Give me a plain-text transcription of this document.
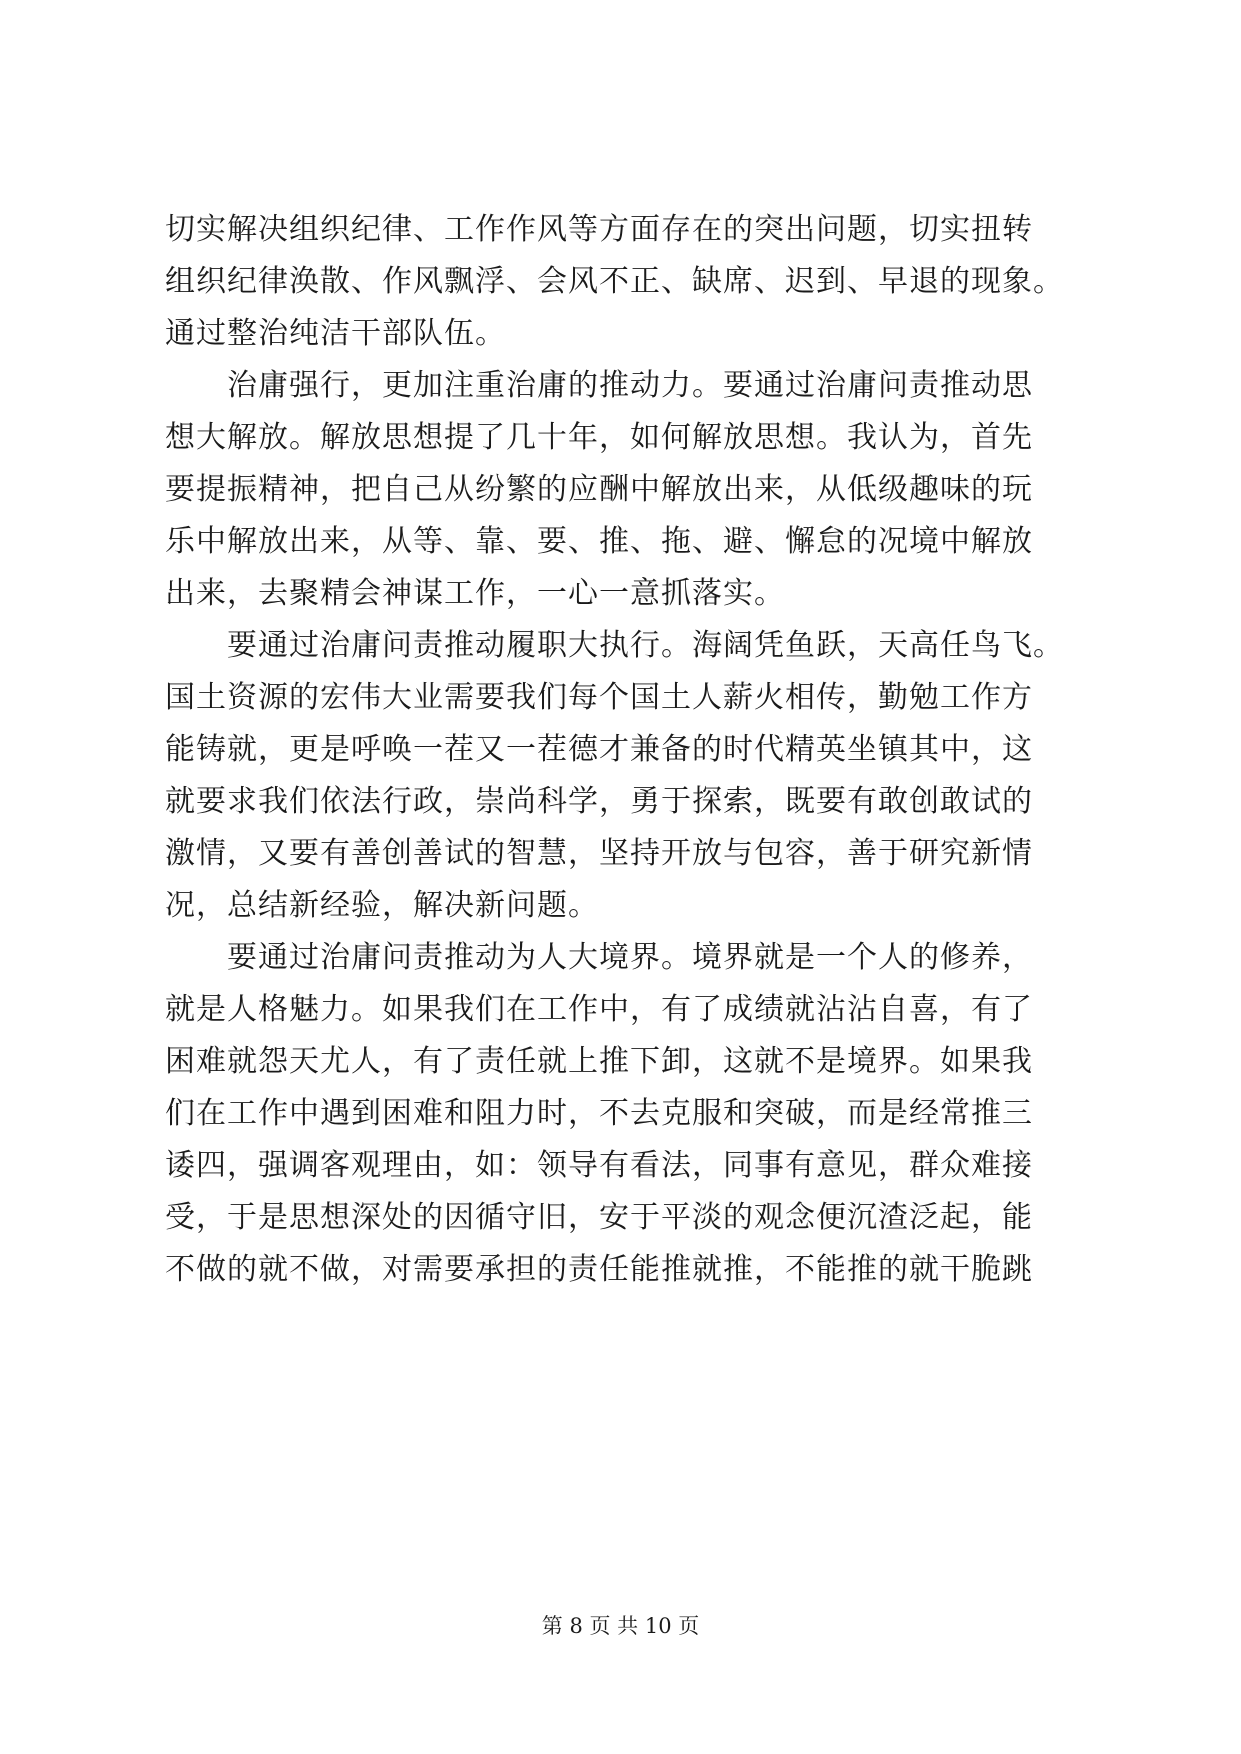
切实解决组织纪律、工作作风等方面存在的突出问题，切实扭转
组织纪律涣散、作风飘浮、会风不正、缺席、迟到、早退的现象。
通过整治纯洁干部队伍。
　　治庸强行，更加注重治庸的推动力。要通过治庸问责推动思
想大解放。解放思想提了几十年，如何解放思想。我认为，首先
要提振精神，把自己从纷繁的应酬中解放出来，从低级趣味的玩
乐中解放出来，从等、靠、要、推、拖、避、懈怠的况境中解放
出来，去聚精会神谋工作，一心一意抓落实。
　　要通过治庸问责推动履职大执行。海阔凭鱼跃，天高任鸟飞。
国土资源的宏伟大业需要我们每个国土人薪火相传，勤勉工作方
能铸就，更是呼唤一茬又一茬德才兼备的时代精英坐镇其中，这
就要求我们依法行政，崇尚科学，勇于探索，既要有敢创敢试的
激情，又要有善创善试的智慧，坚持开放与包容，善于研究新情
况，总结新经验，解决新问题。
　　要通过治庸问责推动为人大境界。境界就是一个人的修养，
就是人格魅力。如果我们在工作中，有了成绩就沾沾自喜，有了
困难就怨天尤人，有了责任就上推下卸，这就不是境界。如果我
们在工作中遇到困难和阻力时，不去克服和突破，而是经常推三
诿四，强调客观理由，如：领导有看法，同事有意见，群众难接
受，于是思想深处的因循守旧，安于平淡的观念便沉渣泛起，能
不做的就不做，对需要承担的责任能推就推，不能推的就干脆跳
第 8 页 共 10 页
